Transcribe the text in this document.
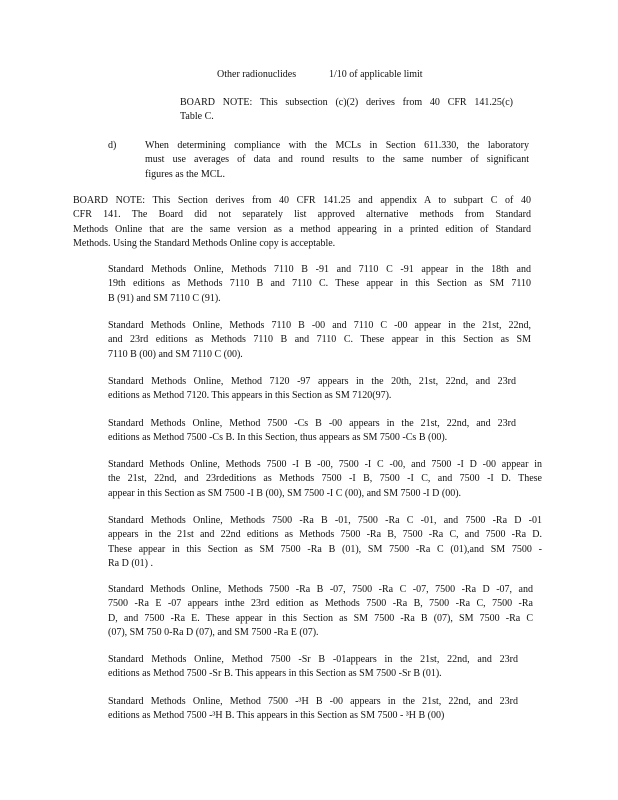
Other radionuclides	1/10 of applicable limit
BOARD NOTE: This subsection (c)(2) derives from 40 CFR 141.25(c)
Table C.
d)	When determining compliance with the MCLs in Section 611.330, the laboratory
must use averages of data and round results to the same number of significant
figures as the MCL.
BOARD NOTE: This Section derives from 40 CFR 141.25 and appendix A to subpart C of 40
CFR 141. The Board did not separately list approved alternative methods from Standard
Methods Online that are the same version as a method appearing in a printed edition of Standard
Methods. Using the Standard Methods Online copy is acceptable.
Standard Methods Online, Methods 7110 B -91 and 7110 C -91 appear in the 18th and
19th editions as Methods 7110 B and 7110 C. These appear in this Section as SM 7110
B (91) and SM 7110 C (91).
Standard Methods Online, Methods 7110 B -00 and 7110 C -00 appear in the 21st, 22nd,
and 23rd editions as Methods 7110 B and 7110 C. These appear in this Section as SM
7110 B (00) and SM 7110 C (00).
Standard Methods Online, Method 7120 -97 appears in the 20th, 21st, 22nd, and 23rd
editions as Method 7120. This appears in this Section as SM 7120(97).
Standard Methods Online, Method 7500 -Cs B -00 appears in the 21st, 22nd, and 23rd
editions as Method 7500 -Cs B. In this Section, thus appears as SM 7500 -Cs B (00).
Standard Methods Online, Methods 7500 -I B -00, 7500 -I C -00, and 7500 -I D -00 appear in
the 21st, 22nd, and 23rdeditions as Methods 7500 -I B, 7500 -I C, and 7500 -I D. These
appear in this Section as SM 7500 -I B (00), SM 7500 -I C (00), and SM 7500 -I D (00).
Standard Methods Online, Methods 7500 -Ra B -01, 7500 -Ra C -01, and 7500 -Ra D -01
appears in the 21st and 22nd editions as Methods 7500 -Ra B, 7500 -Ra C, and 7500 -Ra D.
These appear in this Section as SM 7500 -Ra B (01), SM 7500 -Ra C (01),and SM 7500 -
Ra D (01) .
Standard Methods Online, Methods 7500 -Ra B -07, 7500 -Ra C -07, 7500 -Ra D -07, and
7500 -Ra E -07 appears inthe 23rd edition as Methods 7500 -Ra B, 7500 -Ra C, 7500 -Ra
D, and 7500 -Ra E. These appear in this Section as SM 7500 -Ra B (07), SM 7500 -Ra C
(07), SM 750 0-Ra D (07), and SM 7500 -Ra E (07).
Standard Methods Online, Method 7500 -Sr B -01appears in the 21st, 22nd, and 23rd
editions as Method 7500 -Sr B. This appears in this Section as SM 7500 -Sr B (01).
Standard Methods Online, Method 7500 -³H B -00 appears in the 21st, 22nd, and 23rd
editions as Method 7500 -³H B. This appears in this Section as SM 7500 - ³H B (00)
